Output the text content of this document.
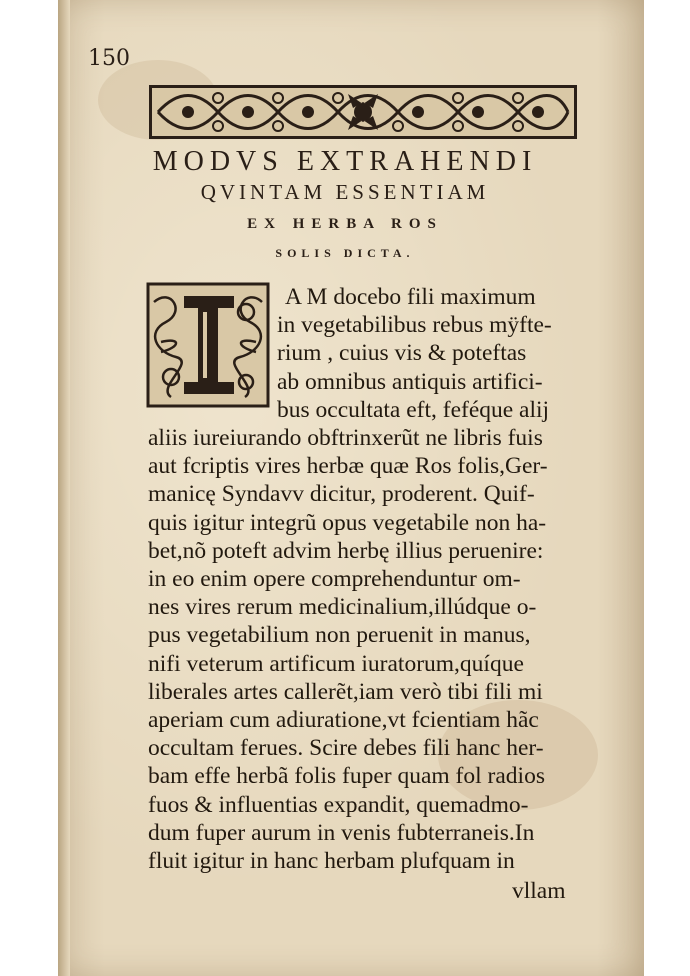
150
MODVS EXTRAHENDI
QVINTAM ESSENTIAM
EX HERBA ROS
SOLIS DICTA.
A M docebo fili maximum
in vegetabilibus rebus mÿfte-
rium , cuius vis & poteftas
ab omnibus antiquis artifici-
bus occultata eft, feféque alij
aliis iureiurando obftrinxerũt ne libris fuis
aut fcriptis vires herbæ quæ Ros folis,Ger-
manicę Syndavv dicitur, proderent. Quif-
quis igitur integrũ opus vegetabile non ha-
bet,nõ poteft advim herbę illius peruenire:
in eo enim opere comprehenduntur om-
nes vires rerum medicinalium,illúdque o-
pus vegetabilium non peruenit in manus,
nifi veterum artificum iuratorum,quíque
liberales artes callerẽt,iam verò tibi fili mi
aperiam cum adiuratione,vt fcientiam hãc
occultam ferues. Scire debes fili hanc her-
bam effe herbã folis fuper quam fol radios
fuos & influentias expandit, quemadmo-
dum fuper aurum in venis fubterraneis.In
fluit igitur in hanc herbam plufquam in
vllam
